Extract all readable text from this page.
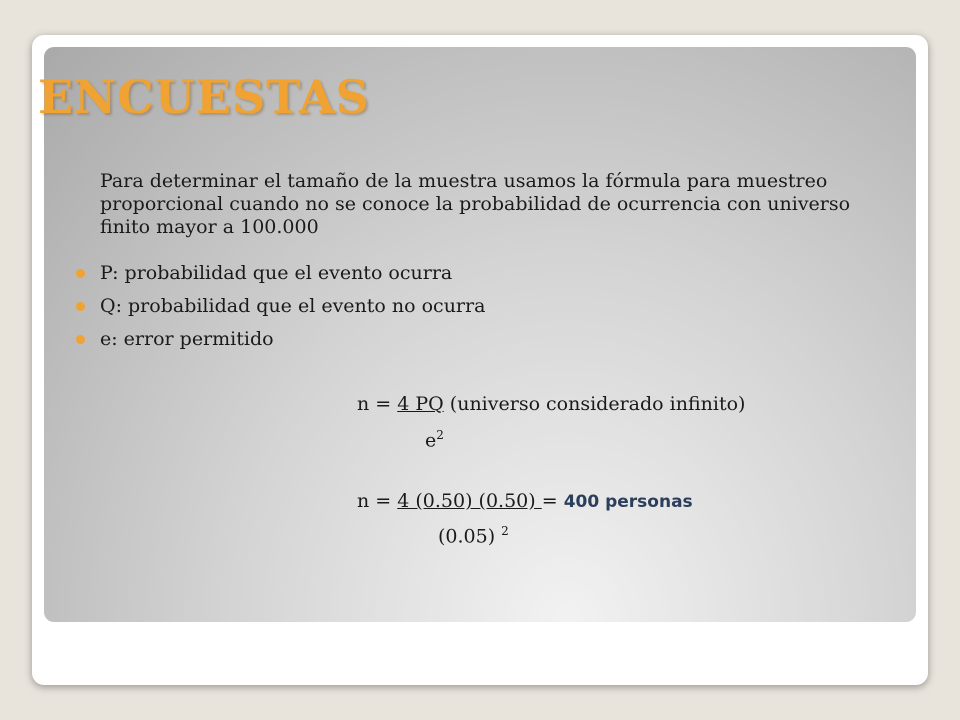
ENCUESTAS
Para determinar el tamaño de la muestra usamos la fórmula para muestreo proporcional cuando no se conoce la probabilidad de ocurrencia con universo finito mayor a 100.000
P: probabilidad que el evento ocurra
Q: probabilidad que el evento no ocurra
e: error permitido
n = 4 PQ (universo considerado infinito)
$e^2$
n = 4 (0.50) (0.50) = 400 personas
(0.05) $^2$
